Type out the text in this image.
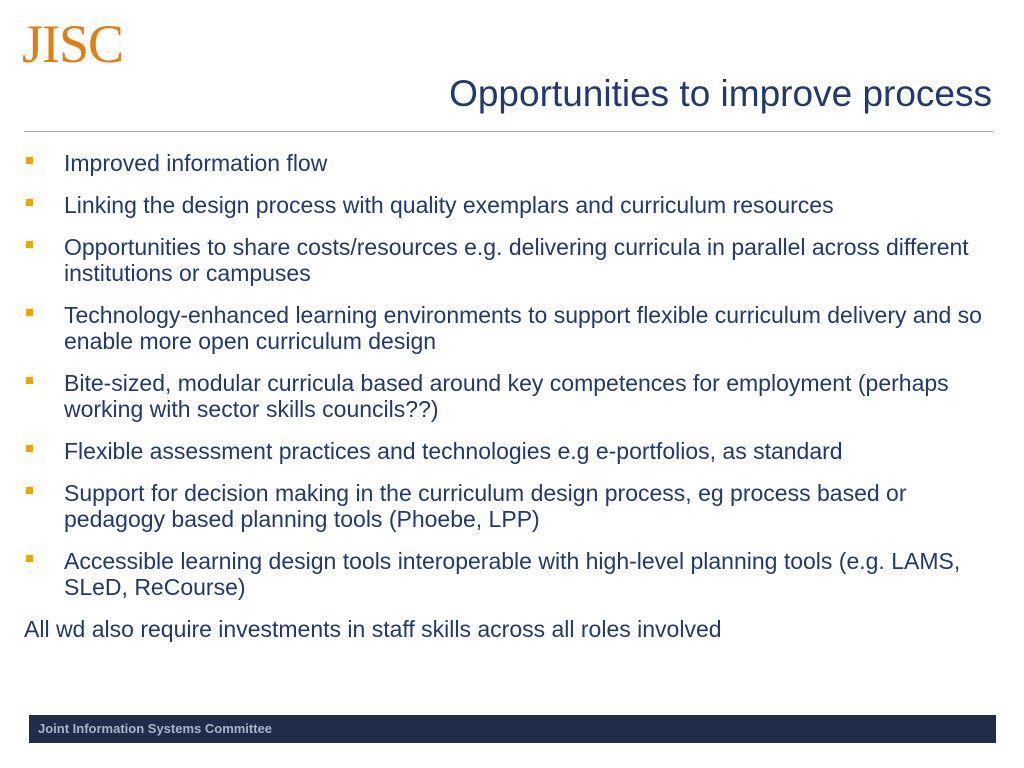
JISC
Opportunities to improve process
Improved information flow
Linking the design process with quality exemplars and curriculum resources
Opportunities to share costs/resources e.g. delivering curricula in parallel across different institutions or campuses
Technology-enhanced learning environments to support flexible curriculum delivery and so enable more open curriculum design
Bite-sized, modular curricula based around key competences for employment (perhaps working with sector skills councils??)
Flexible assessment practices and technologies e.g e-portfolios, as standard
Support for decision making in the curriculum design process, eg process based or pedagogy based planning tools (Phoebe, LPP)
Accessible learning design tools interoperable with high-level planning tools (e.g. LAMS, SLeD, ReCourse)
All wd also require investments in staff skills across all roles involved
Joint Information Systems Committee
